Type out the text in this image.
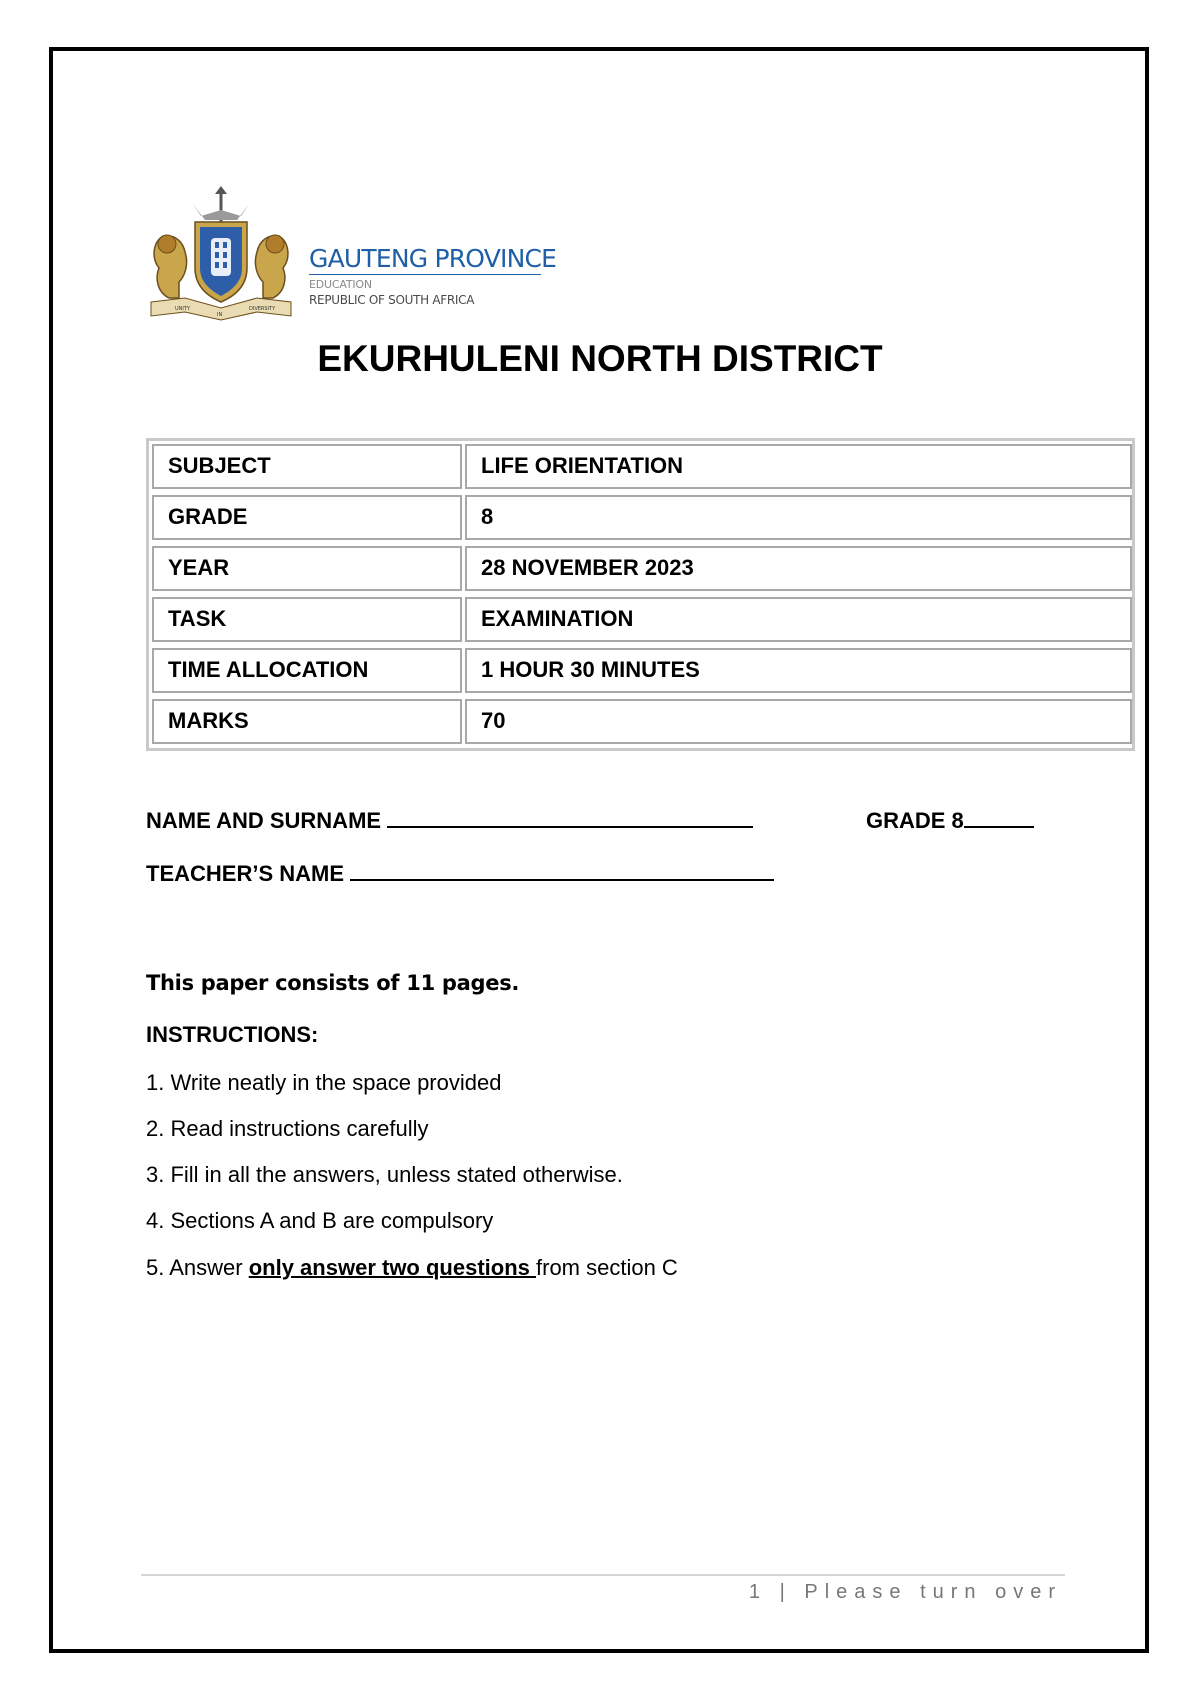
UNITY
IN
DIVERSITY
GAUTENG PROVINCE
EDUCATION
REPUBLIC OF SOUTH AFRICA
EKURHULENI NORTH DISTRICT
SUBJECT	LIFE ORIENTATION
GRADE	8
YEAR	28 NOVEMBER 2023
TASK	EXAMINATION
TIME ALLOCATION	1 HOUR 30 MINUTES
MARKS	70
NAME AND SURNAME	GRADE 8
TEACHER’S NAME
This paper consists of 11 pages.
INSTRUCTIONS:
1. Write neatly in the space provided
2. Read instructions carefully
3. Fill in all the answers, unless stated otherwise.
4. Sections A and B are compulsory
5. Answer only answer two questions from section C
1 | Please turn over
